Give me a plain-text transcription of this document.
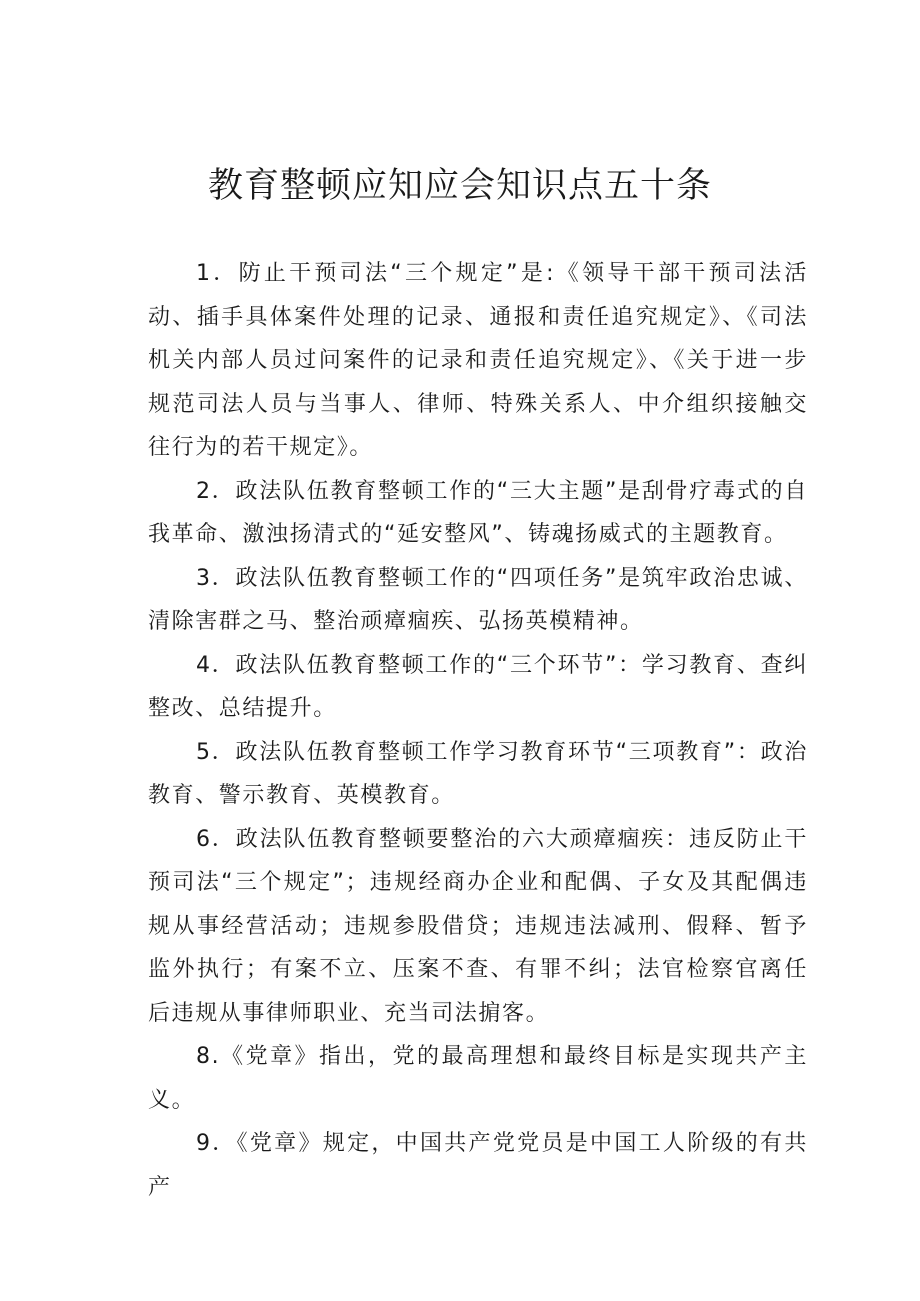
教育整顿应知应会知识点五十条

1．防止干预司法“三个规定”是:《领导干部干预司法活动、插手具体案件处理的记录、通报和责任追究规定》、《司法机关内部人员过问案件的记录和责任追究规定》、《关于进一步规范司法人员与当事人、律师、特殊关系人、中介组织接触交往行为的若干规定》。

2．政法队伍教育整顿工作的“三大主题”是刮骨疗毒式的自我革命、激浊扬清式的“延安整风”、铸魂扬威式的主题教育。

3．政法队伍教育整顿工作的“四项任务”是筑牢政治忠诚、清除害群之马、整治顽瘴痼疾、弘扬英模精神。

4．政法队伍教育整顿工作的“三个环节”：学习教育、查纠整改、总结提升。

5．政法队伍教育整顿工作学习教育环节“三项教育”：政治教育、警示教育、英模教育。

6．政法队伍教育整顿要整治的六大顽瘴痼疾：违反防止干预司法“三个规定”；违规经商办企业和配偶、子女及其配偶违规从事经营活动；违规参股借贷；违规违法减刑、假释、暂予监外执行；有案不立、压案不查、有罪不纠；法官检察官离任后违规从事律师职业、充当司法掮客。

8.《党章》指出，党的最高理想和最终目标是实现共产主义。

9．《党章》规定，中国共产党党员是中国工人阶级的有共产
